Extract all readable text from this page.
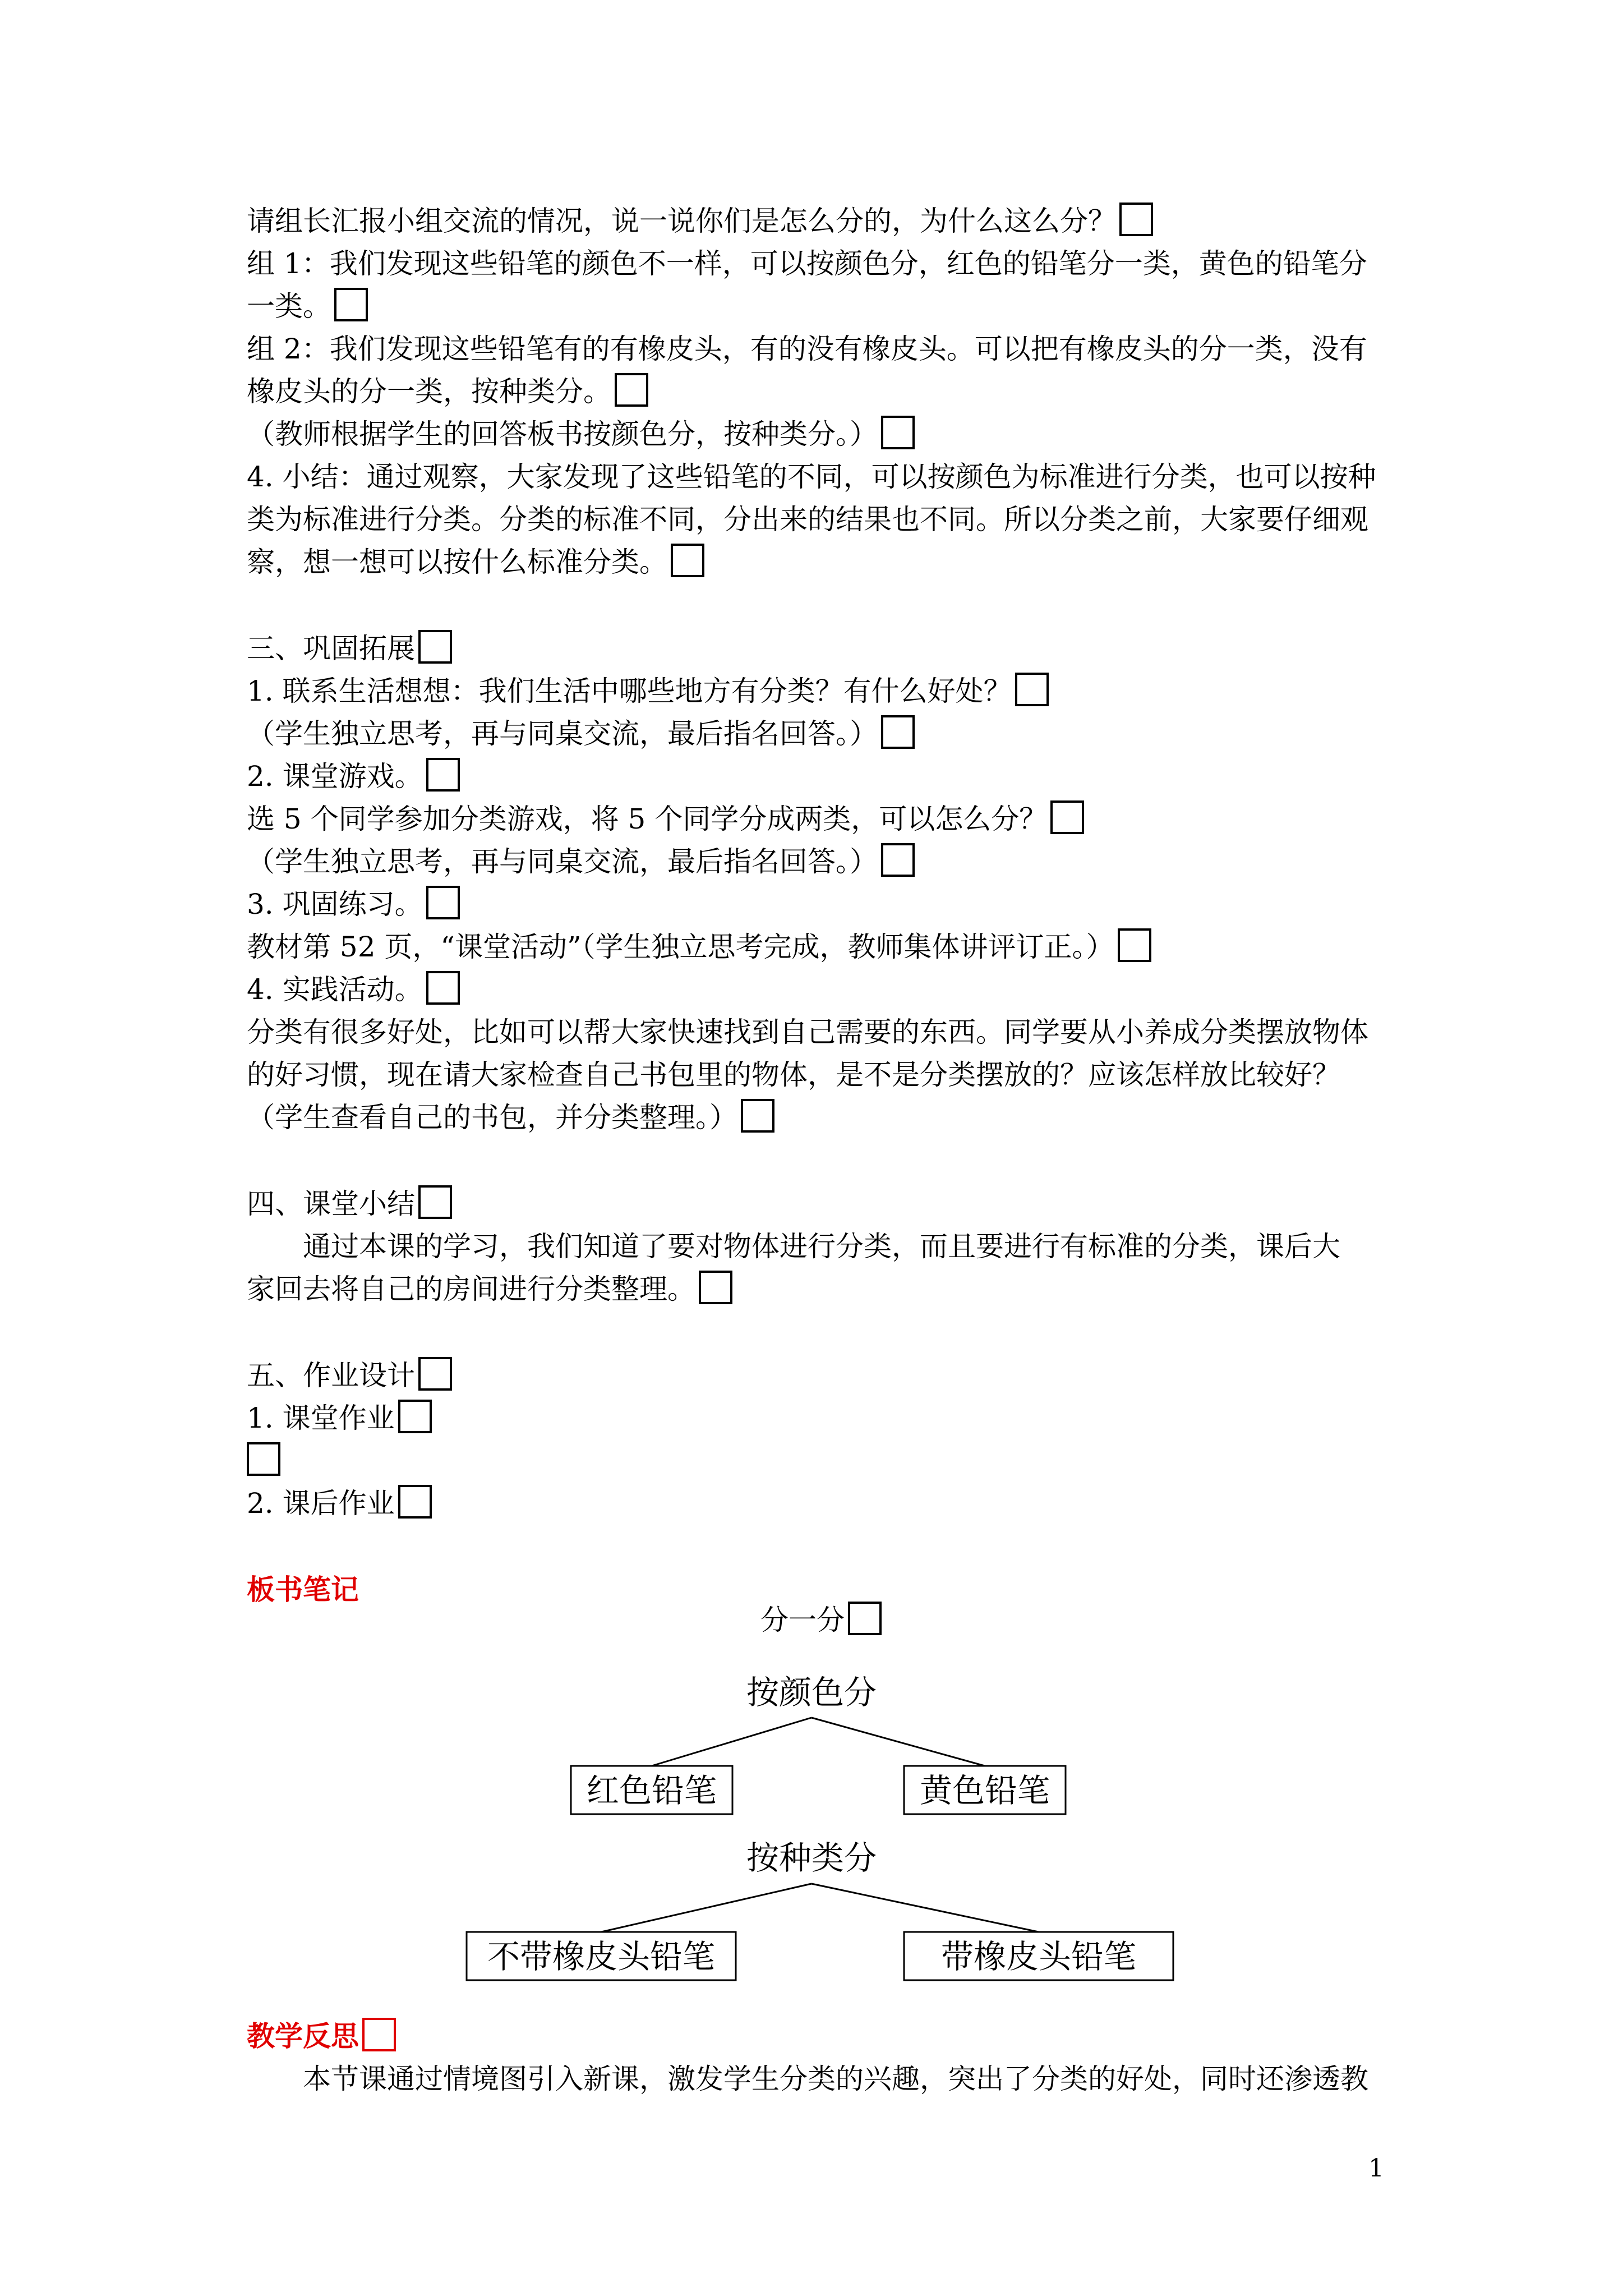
请组长汇报小组交流的情况，说一说你们是怎么分的，为什么这么分？
组 1：我们发现这些铅笔的颜色不一样，可以按颜色分，红色的铅笔分一类，黄色的铅笔分
一类。
组 2：我们发现这些铅笔有的有橡皮头，有的没有橡皮头。可以把有橡皮头的分一类，没有
橡皮头的分一类，按种类分。
（教师根据学生的回答板书按颜色分，按种类分。）
4. 小结：通过观察，大家发现了这些铅笔的不同，可以按颜色为标准进行分类，也可以按种
类为标准进行分类。分类的标准不同，分出来的结果也不同。所以分类之前，大家要仔细观
察，想一想可以按什么标准分类。
三、巩固拓展
1. 联系生活想想：我们生活中哪些地方有分类？有什么好处？
（学生独立思考，再与同桌交流，最后指名回答。）
2. 课堂游戏。
选 5 个同学参加分类游戏，将 5 个同学分成两类，可以怎么分？
（学生独立思考，再与同桌交流，最后指名回答。）
3. 巩固练习。
教材第 52 页，“课堂活动”（学生独立思考完成，教师集体讲评订正。）
4. 实践活动。
分类有很多好处，比如可以帮大家快速找到自己需要的东西。同学要从小养成分类摆放物体
的好习惯，现在请大家检查自己书包里的物体，是不是分类摆放的？应该怎样放比较好？
（学生查看自己的书包，并分类整理。）
四、课堂小结
通过本课的学习，我们知道了要对物体进行分类，而且要进行有标准的分类，课后大
家回去将自己的房间进行分类整理。
五、作业设计
1. 课堂作业
2. 课后作业
板书笔记
分一分
按颜色分
红色铅笔	黄色铅笔
按种类分
不带橡皮头铅笔	带橡皮头铅笔
教学反思
本节课通过情境图引入新课，激发学生分类的兴趣，突出了分类的好处，同时还渗透教
1
